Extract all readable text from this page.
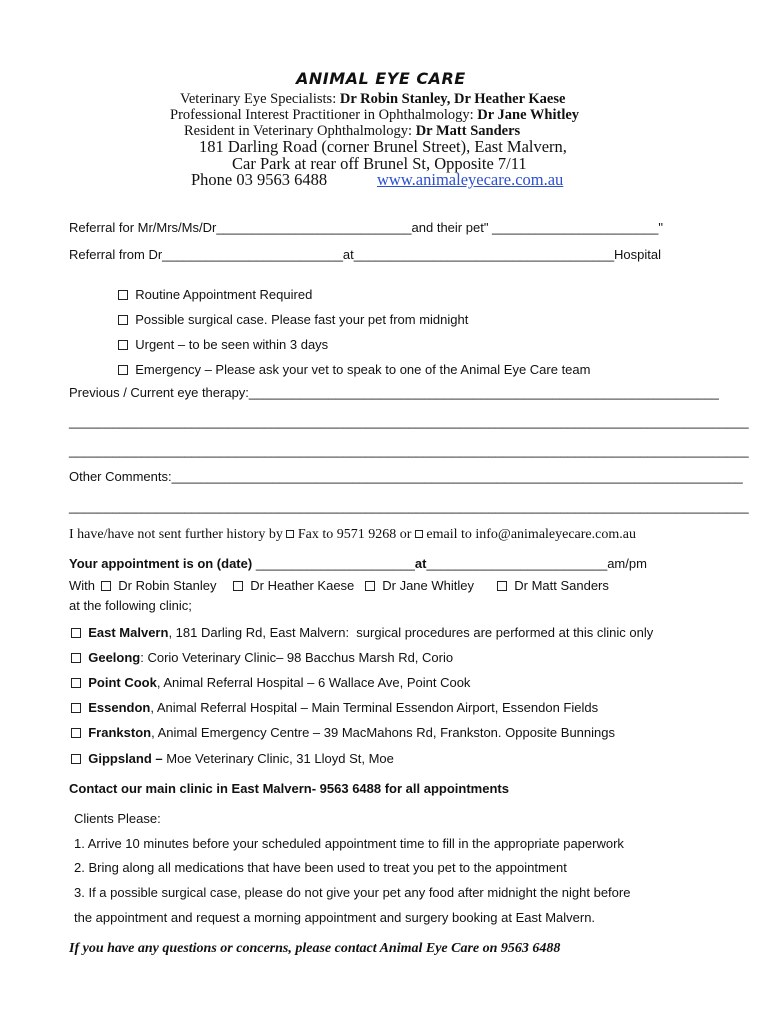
ANIMAL EYE CARE
Veterinary Eye Specialists: Dr Robin Stanley, Dr Heather Kaese
Professional Interest Practitioner in Ophthalmology: Dr Jane Whitley
Resident in Veterinary Ophthalmology: Dr Matt Sanders
181 Darling Road (corner Brunel Street), East Malvern,
Car Park at rear off Brunel St, Opposite 7/11
Phone 03 9563 6488	www.animaleyecare.com.au
Referral for Mr/Mrs/Ms/Dr___________________________and their pet" _______________________"
Referral from Dr_________________________at____________________________________Hospital
Routine Appointment Required
Possible surgical case. Please fast your pet from midnight
Urgent – to be seen within 3 days
Emergency – Please ask your vet to speak to one of the Animal Eye Care team
Previous / Current eye therapy:_________________________________________________________________
______________________________________________________________________________________________
______________________________________________________________________________________________
Other Comments:_______________________________________________________________________________
______________________________________________________________________________________________
I have/have not sent further history by Fax to 9571 9268 or email to info@animaleyecare.com.au
Your appointment is on (date) ______________________at_________________________am/pm
With	Dr Robin Stanley	Dr Heather Kaese	Dr Jane Whitley	Dr Matt Sanders
at the following clinic;
East Malvern, 181 Darling Rd, East Malvern:  surgical procedures are performed at this clinic only
Geelong: Corio Veterinary Clinic– 98 Bacchus Marsh Rd, Corio
Point Cook, Animal Referral Hospital – 6 Wallace Ave, Point Cook
Essendon, Animal Referral Hospital – Main Terminal Essendon Airport, Essendon Fields
Frankston, Animal Emergency Centre – 39 MacMahons Rd, Frankston. Opposite Bunnings
Gippsland – Moe Veterinary Clinic, 31 Lloyd St, Moe
Contact our main clinic in East Malvern- 9563 6488 for all appointments
Clients Please:
1. Arrive 10 minutes before your scheduled appointment time to fill in the appropriate paperwork
2. Bring along all medications that have been used to treat you pet to the appointment
3. If a possible surgical case, please do not give your pet any food after midnight the night before
the appointment and request a morning appointment and surgery booking at East Malvern.
If you have any questions or concerns, please contact Animal Eye Care on 9563 6488
